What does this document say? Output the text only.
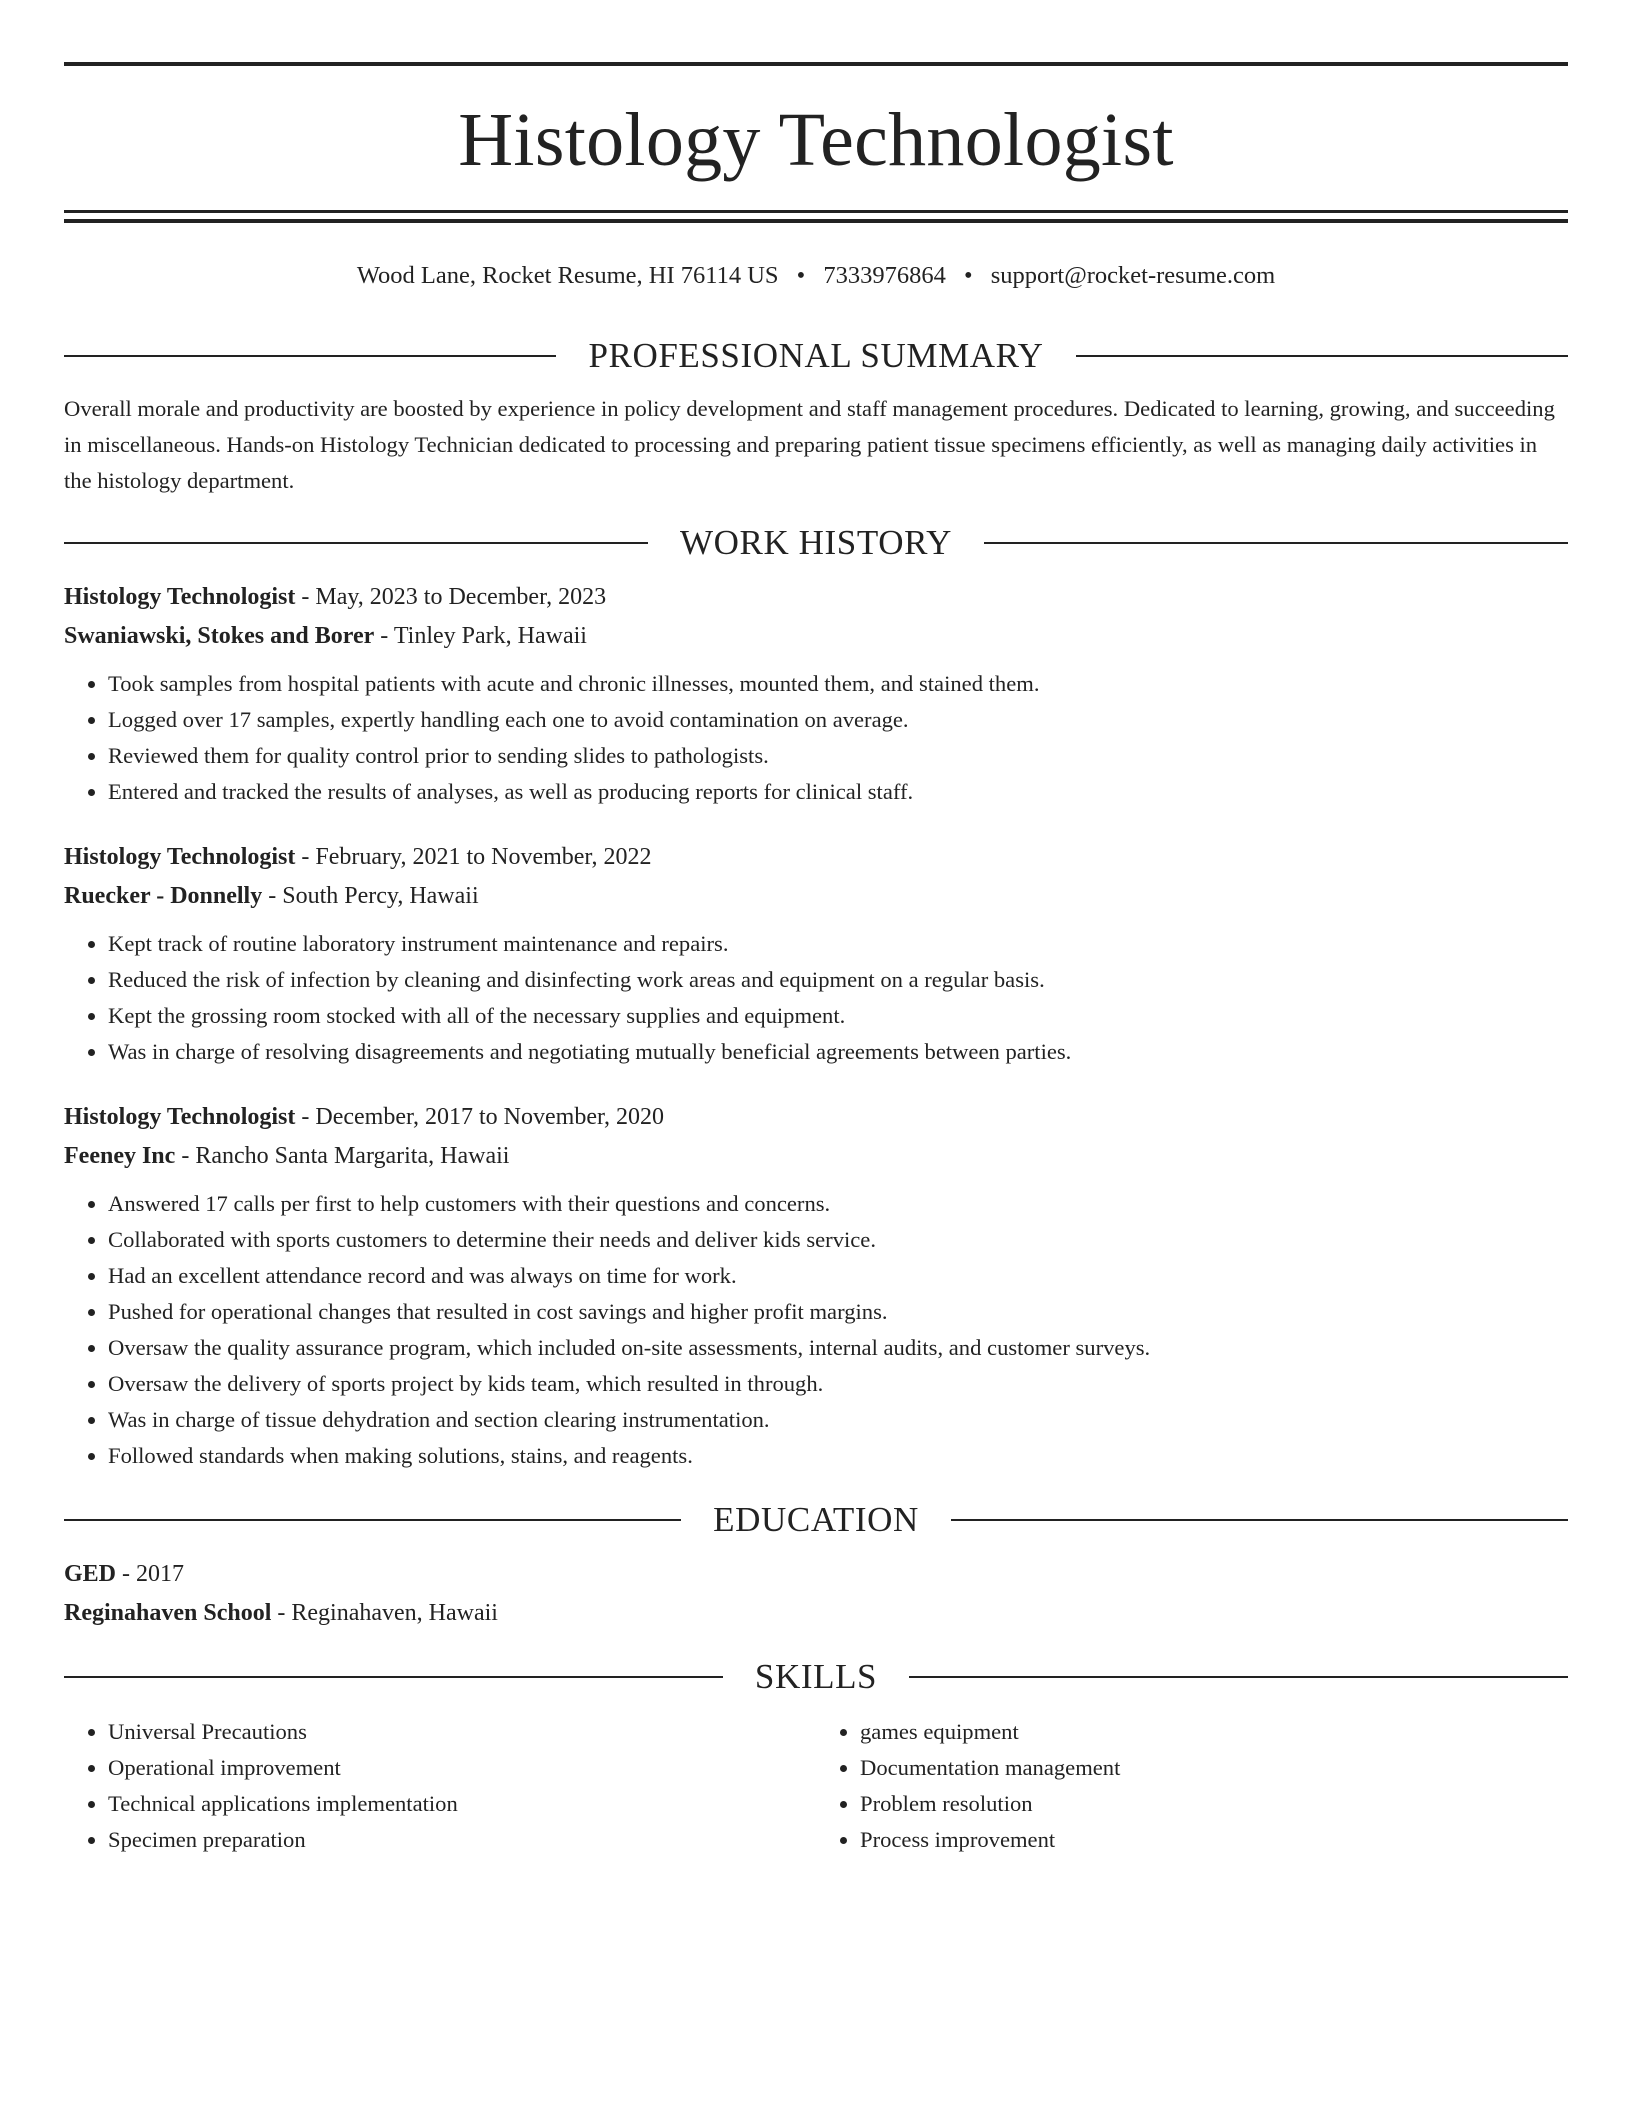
Histology Technologist
Wood Lane, Rocket Resume, HI 76114 US • 7333976864 • support@rocket-resume.com
PROFESSIONAL SUMMARY

Overall morale and productivity are boosted by experience in policy development and staff management procedures. Dedicated to learning, growing, and succeeding in miscellaneous. Hands-on Histology Technician dedicated to processing and preparing patient tissue specimens efficiently, as well as managing daily activities in the histology department.

WORK HISTORY
Histology Technologist - May, 2023 to December, 2023
Swaniawski, Stokes and Borer - Tinley Park, Hawaii
• Took samples from hospital patients with acute and chronic illnesses, mounted them, and stained them.
• Logged over 17 samples, expertly handling each one to avoid contamination on average.
• Reviewed them for quality control prior to sending slides to pathologists.
• Entered and tracked the results of analyses, as well as producing reports for clinical staff.
Histology Technologist - February, 2021 to November, 2022
Ruecker - Donnelly - South Percy, Hawaii
• Kept track of routine laboratory instrument maintenance and repairs.
• Reduced the risk of infection by cleaning and disinfecting work areas and equipment on a regular basis.
• Kept the grossing room stocked with all of the necessary supplies and equipment.
• Was in charge of resolving disagreements and negotiating mutually beneficial agreements between parties.
Histology Technologist - December, 2017 to November, 2020
Feeney Inc - Rancho Santa Margarita, Hawaii
• Answered 17 calls per first to help customers with their questions and concerns.
• Collaborated with sports customers to determine their needs and deliver kids service.
• Had an excellent attendance record and was always on time for work.
• Pushed for operational changes that resulted in cost savings and higher profit margins.
• Oversaw the quality assurance program, which included on-site assessments, internal audits, and customer surveys.
• Oversaw the delivery of sports project by kids team, which resulted in through.
• Was in charge of tissue dehydration and section clearing instrumentation.
• Followed standards when making solutions, stains, and reagents.
EDUCATION
GED - 2017
Reginahaven School - Reginahaven, Hawaii
SKILLS
• Universal Precautions
• Operational improvement
• Technical applications implementation
• Specimen preparation
• games equipment
• Documentation management
• Problem resolution
• Process improvement
